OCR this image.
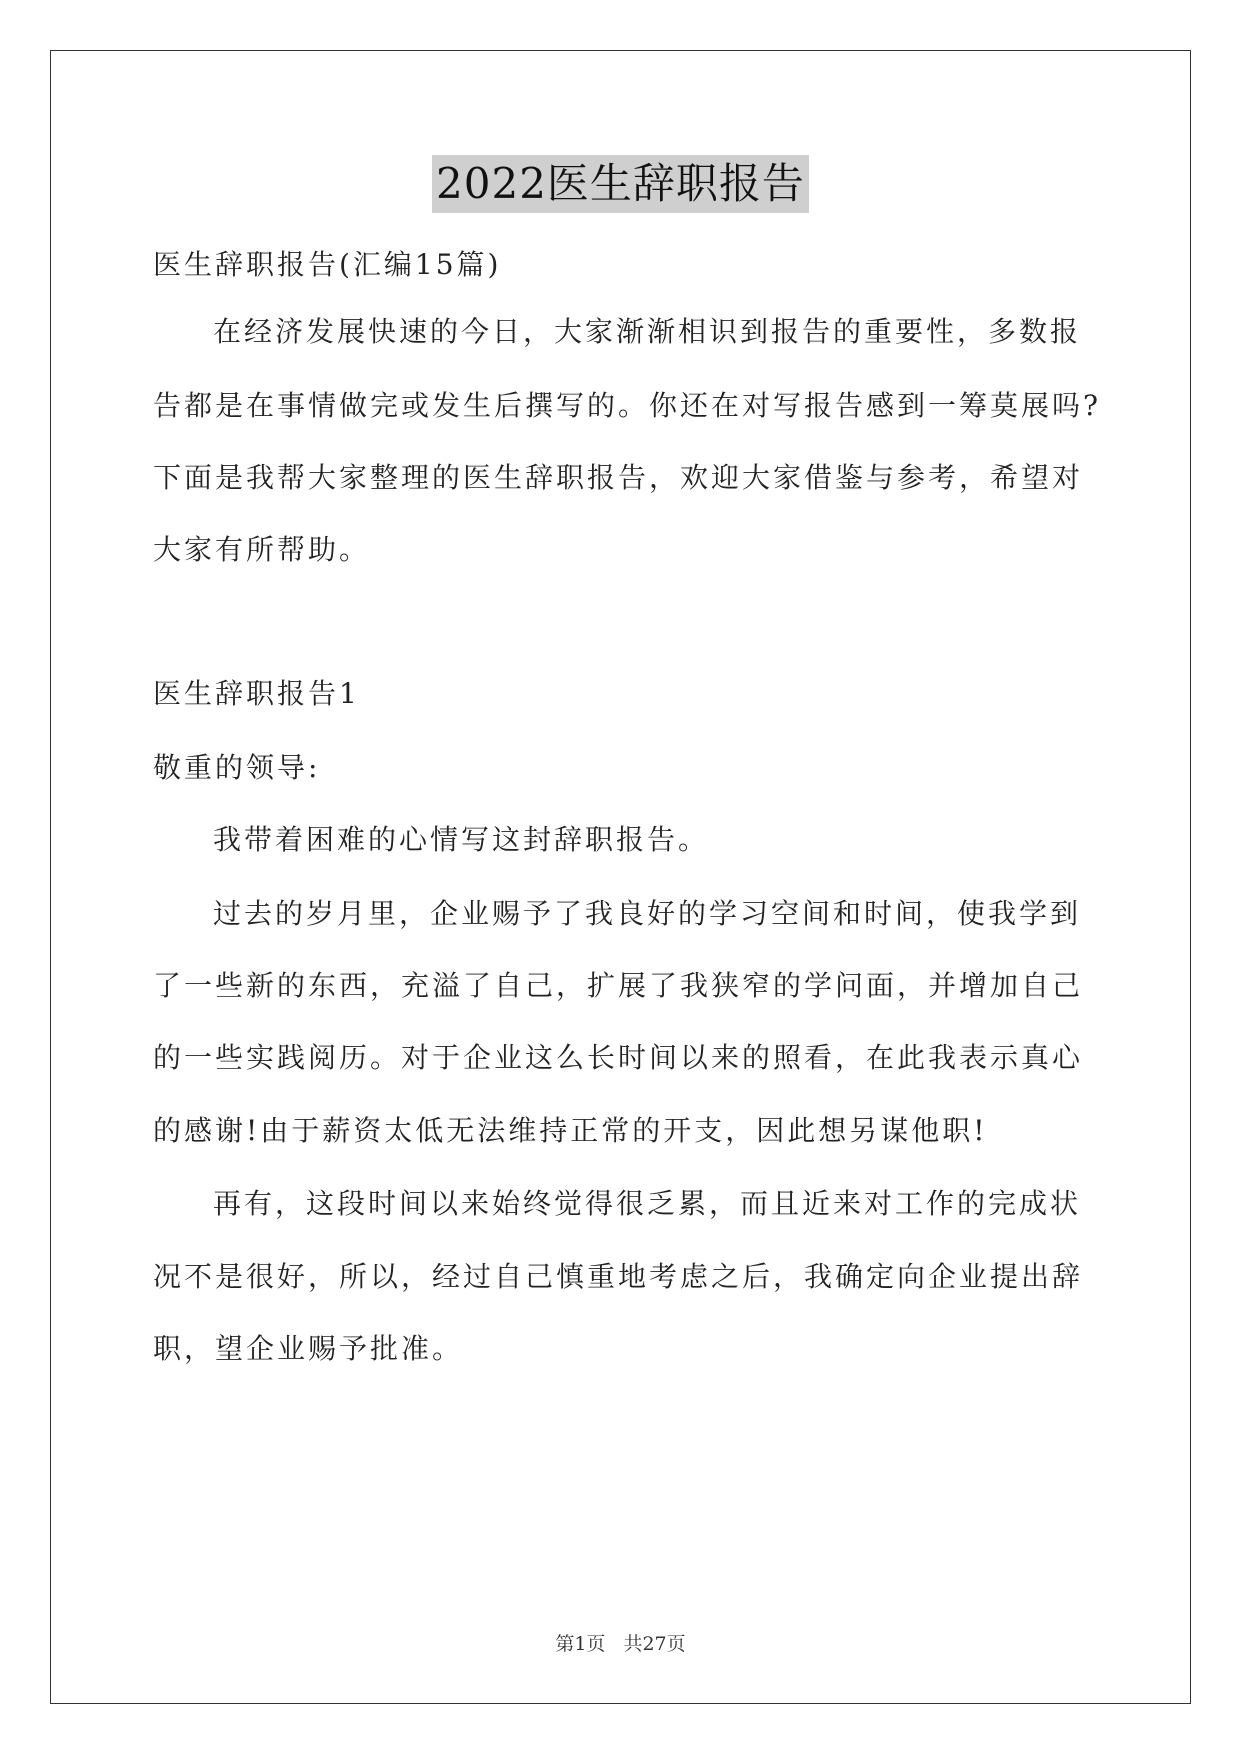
2022医生辞职报告
医生辞职报告(汇编15篇)
在经济发展快速的今日，大家渐渐相识到报告的重要性，多数报
告都是在事情做完或发生后撰写的。你还在对写报告感到一筹莫展吗?
下面是我帮大家整理的医生辞职报告，欢迎大家借鉴与参考，希望对
大家有所帮助。
医生辞职报告1
敬重的领导:
我带着困难的心情写这封辞职报告。
过去的岁月里，企业赐予了我良好的学习空间和时间，使我学到
了一些新的东西，充溢了自己，扩展了我狭窄的学问面，并增加自己
的一些实践阅历。对于企业这么长时间以来的照看，在此我表示真心
的感谢!由于薪资太低无法维持正常的开支，因此想另谋他职!
再有，这段时间以来始终觉得很乏累，而且近来对工作的完成状
况不是很好，所以，经过自己慎重地考虑之后，我确定向企业提出辞
职，望企业赐予批准。
第1页 共27页
